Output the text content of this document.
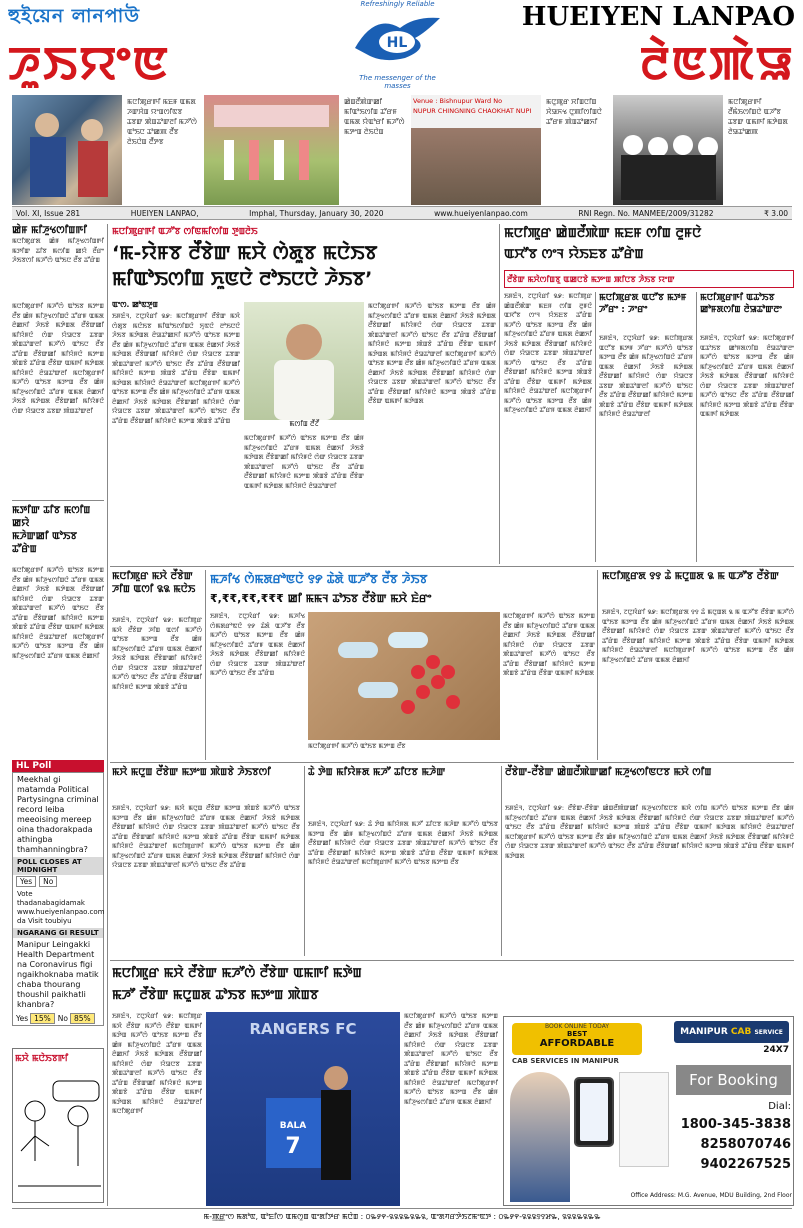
হুইয়েন লানপাউ	HUEIYEN LANPAO
ꯍꯨꯏꯌꯦꯟ	ꯂꯥꯟꯄꯥꯎ
Refreshingly Reliable
HL
The messenger of the masses
ꯃꯅꯤꯄꯨꯔꯒꯤ ꯃꯐꯝ ꯑꯃꯗ ꯍꯛꯆꯥꯡ ꯌꯦꯡꯁꯤꯟꯕ ꯊꯕꯛ ꯄꯥꯡꯊꯣꯛꯂꯤ ꯃꯍꯧꯁꯥ ꯑꯣꯏꯅ ꯊꯣꯀꯄ ꯂꯩꯕ ꯂꯥꯏꯅꯥꯡ ꯂꯩꯇꯕ
ꯀꯥꯡꯂꯩꯄꯥꯛꯀꯤ ꯃꯤꯑꯣꯏꯁꯤꯡ ꯊꯧꯔꯝ ꯑꯃꯗ ꯌꯥꯑꯣꯔꯤ ꯃꯍꯧꯁꯥ ꯃꯇꯦꯡ ꯂꯥꯏꯅꯥꯡ
Venue : Bishnupur Ward No
NUPUR CHINGNING CHAOKHAT NUPI
ꯃꯅꯨꯄꯨꯔ ꯆꯤꯡꯅꯤꯡ ꯆꯥꯎꯈꯠ ꯅꯨꯄꯤꯁꯤꯡꯅꯥ ꯊꯧꯔꯝ ꯄꯥꯡꯊꯣꯀꯈꯤ
ꯃꯅꯤꯄꯨꯔꯒꯤ ꯂꯩꯃꯥꯏꯁꯤꯡꯅꯥ ꯑꯍꯧꯕ ꯊꯕꯛ ꯑꯃꯒꯤ ꯃꯇꯥꯡꯗ ꯂꯥꯎꯊꯣꯀꯄ
Vol. XI, Issue 281	HUEIYEN LANPAO,	Imphal, Thursday, January 30, 2020	www.hueiyenlanpao.com	RNI Regn. No. MANMEE/2009/31282	₹ 3.00
ꯀꯥꯝ ꯃꯤꯍꯨꯠꯁꯤꯡꯒꯤ
ꯃꯅꯤꯄꯨꯔꯗ ꯀꯥꯝ ꯃꯤꯍꯨꯠꯁꯤꯡꯒꯤ ꯃꯇꯤꯛ ꯊꯤꯕ ꯃꯁꯤꯡ ꯀꯌꯥ ꯂꯩꯔꯦ ꯍꯥꯏꯕꯁꯤ ꯃꯍꯧꯁꯥ ꯑꯣꯏꯅ ꯂꯩꯕ ꯊꯧꯔꯥꯡ
ꯃꯅꯤꯄꯨꯔꯒꯤ ꯃꯍꯧꯁꯥ ꯑꯣꯏꯕ ꯃꯇꯦꯡ ꯂꯩꯕ ꯀꯥꯝ ꯃꯤꯍꯨꯠꯁꯤꯡꯅꯥ ꯊꯧꯔꯝ ꯑꯃꯗ ꯂꯥꯀꯈꯤ ꯍꯥꯏꯕꯥ ꯃꯇꯥꯡꯗ ꯂꯩꯕꯥꯛꯀꯤ ꯃꯤꯌꯥꯝꯅꯥ ꯁꯥꯛ ꯌꯥꯎꯅꯕ ꯊꯕꯛ ꯄꯥꯡꯊꯣꯛꯂꯤ ꯃꯍꯧꯁꯥ ꯑꯣꯏꯅ ꯂꯩꯕ ꯊꯧꯔꯥꯡ ꯂꯩꯕꯥꯛꯀꯤ ꯃꯤꯌꯥꯝꯅꯥ ꯃꯇꯦꯡ ꯄꯥꯡꯕꯥ ꯊꯧꯔꯥꯡ ꯂꯩꯕꯥꯛ ꯑꯃꯒꯤ ꯃꯇꯥꯡꯗ ꯃꯤꯌꯥꯝꯅꯥ ꯂꯥꯎꯊꯣꯛꯂꯤ ꯃꯅꯤꯄꯨꯔꯒꯤ ꯃꯍꯧꯁꯥ ꯑꯣꯏꯕ ꯃꯇꯦꯡ ꯂꯩꯕ ꯀꯥꯝ ꯃꯤꯍꯨꯠꯁꯤꯡꯅꯥ ꯊꯧꯔꯝ ꯑꯃꯗ ꯂꯥꯀꯈꯤ ꯍꯥꯏꯕꯥ ꯃꯇꯥꯡꯗ ꯂꯩꯕꯥꯛꯀꯤ ꯃꯤꯌꯥꯝꯅꯥ ꯁꯥꯛ ꯌꯥꯎꯅꯕ ꯊꯕꯛ ꯄꯥꯡꯊꯣꯛꯂꯤ
ꯃꯇꯤꯛ ꯊꯤꯕ ꯃꯁꯤꯡ ꯀꯌꯥ
ꯃꯍꯥꯛꯀꯤ ꯑꯣꯏꯕ ꯊꯧꯔꯥꯡ
ꯃꯅꯤꯄꯨꯔꯒꯤ ꯃꯍꯧꯁꯥ ꯑꯣꯏꯕ ꯃꯇꯦꯡ ꯂꯩꯕ ꯀꯥꯝ ꯃꯤꯍꯨꯠꯁꯤꯡꯅꯥ ꯊꯧꯔꯝ ꯑꯃꯗ ꯂꯥꯀꯈꯤ ꯍꯥꯏꯕꯥ ꯃꯇꯥꯡꯗ ꯂꯩꯕꯥꯛꯀꯤ ꯃꯤꯌꯥꯝꯅꯥ ꯁꯥꯛ ꯌꯥꯎꯅꯕ ꯊꯕꯛ ꯄꯥꯡꯊꯣꯛꯂꯤ ꯃꯍꯧꯁꯥ ꯑꯣꯏꯅ ꯂꯩꯕ ꯊꯧꯔꯥꯡ ꯂꯩꯕꯥꯛꯀꯤ ꯃꯤꯌꯥꯝꯅꯥ ꯃꯇꯦꯡ ꯄꯥꯡꯕꯥ ꯊꯧꯔꯥꯡ ꯂꯩꯕꯥꯛ ꯑꯃꯒꯤ ꯃꯇꯥꯡꯗ ꯃꯤꯌꯥꯝꯅꯥ ꯂꯥꯎꯊꯣꯛꯂꯤ ꯃꯅꯤꯄꯨꯔꯒꯤ ꯃꯍꯧꯁꯥ ꯑꯣꯏꯕ ꯃꯇꯦꯡ ꯂꯩꯕ ꯀꯥꯝ ꯃꯤꯍꯨꯠꯁꯤꯡꯅꯥ ꯊꯧꯔꯝ ꯑꯃꯗ ꯂꯥꯀꯈꯤ
HL Poll
Meekhal gi matamda Political Partysingna criminal record leiba meeoising mereep oina thadorakpada athingba thamhanningbra?
POLL CLOSES AT MIDNIGHT
Yes	No
Vote thadanabagidamak www.hueiyenlanpao.com da Visit toubiyu
NGARANG GI RESULT
Manipur Leingakki Health Department na Coronavirus figi ngaikhoknaba matik chaba thourang thoushil paikhatli khanbra?
Yes 15% No 85%
ꯃꯆꯥ ꯃꯅꯥꯏꯕꯒꯤ
ꯃꯅꯤꯄꯨꯔꯒꯤ ꯑꯍꯧꯕ ꯁꯤꯟꯃꯤꯁꯤꯡ ꯇꯨꯡꯂꯥꯏ
‘ꯃ-ꯌꯥꯝꯕ ꯂꯩꯕꯥꯛ ꯃꯆꯥ ꯁꯥꯗꯨꯕ ꯃꯅꯥꯏꯕ
ꯃꯤꯑꯣꯏꯁꯤꯡ ꯈꯨꯟꯅꯥ ꯂꯣꯏꯅꯅꯥ ꯍꯥꯏꯕ’
ꯑꯦꯁ. ꯀꯣꯟꯇꯨꯡ
ꯏꯝꯐꯥꯜ, ꯖꯅꯨꯋꯥꯔꯤ ꯲꯹: ꯃꯅꯤꯄꯨꯔꯒꯤ ꯂꯩꯕꯥꯛ ꯃꯆꯥ ꯁꯥꯗꯨꯕ ꯃꯅꯥꯏꯕ ꯃꯤꯑꯣꯏꯁꯤꯡꯅꯥ ꯈꯨꯟꯅꯥ ꯂꯣꯏꯅꯅꯥ ꯍꯥꯏꯕ ꯃꯇꯥꯡꯗ ꯂꯥꯎꯊꯣꯀꯈꯤ ꯃꯍꯧꯁꯥ ꯑꯣꯏꯕ ꯃꯇꯦꯡ ꯂꯩꯕ ꯀꯥꯝ ꯃꯤꯍꯨꯠꯁꯤꯡꯅꯥ ꯊꯧꯔꯝ ꯑꯃꯗ ꯂꯥꯀꯈꯤ ꯍꯥꯏꯕꯥ ꯃꯇꯥꯡꯗ ꯂꯩꯕꯥꯛꯀꯤ ꯃꯤꯌꯥꯝꯅꯥ ꯁꯥꯛ ꯌꯥꯎꯅꯕ ꯊꯕꯛ ꯄꯥꯡꯊꯣꯛꯂꯤ ꯃꯍꯧꯁꯥ ꯑꯣꯏꯅ ꯂꯩꯕ ꯊꯧꯔꯥꯡ ꯂꯩꯕꯥꯛꯀꯤ ꯃꯤꯌꯥꯝꯅꯥ ꯃꯇꯦꯡ ꯄꯥꯡꯕꯥ ꯊꯧꯔꯥꯡ ꯂꯩꯕꯥꯛ ꯑꯃꯒꯤ ꯃꯇꯥꯡꯗ ꯃꯤꯌꯥꯝꯅꯥ ꯂꯥꯎꯊꯣꯛꯂꯤ ꯃꯅꯤꯄꯨꯔꯒꯤ ꯃꯍꯧꯁꯥ ꯑꯣꯏꯕ ꯃꯇꯦꯡ ꯂꯩꯕ ꯀꯥꯝ ꯃꯤꯍꯨꯠꯁꯤꯡꯅꯥ ꯊꯧꯔꯝ ꯑꯃꯗ ꯂꯥꯀꯈꯤ ꯍꯥꯏꯕꯥ ꯃꯇꯥꯡꯗ ꯂꯩꯕꯥꯛꯀꯤ ꯃꯤꯌꯥꯝꯅꯥ ꯁꯥꯛ ꯌꯥꯎꯅꯕ ꯊꯕꯛ ꯄꯥꯡꯊꯣꯛꯂꯤ ꯃꯍꯧꯁꯥ ꯑꯣꯏꯅ ꯂꯩꯕ ꯊꯧꯔꯥꯡ ꯂꯩꯕꯥꯛꯀꯤ ꯃꯤꯌꯥꯝꯅꯥ ꯃꯇꯦꯡ ꯄꯥꯡꯕꯥ ꯊꯧꯔꯥꯡ	ꯃꯁꯤꯡ ꯂꯩꯖꯩ
ꯃꯅꯤꯄꯨꯔꯒꯤ ꯃꯍꯧꯁꯥ ꯑꯣꯏꯕ ꯃꯇꯦꯡ ꯂꯩꯕ ꯀꯥꯝ ꯃꯤꯍꯨꯠꯁꯤꯡꯅꯥ ꯊꯧꯔꯝ ꯑꯃꯗ ꯂꯥꯀꯈꯤ ꯍꯥꯏꯕꯥ ꯃꯇꯥꯡꯗ ꯂꯩꯕꯥꯛꯀꯤ ꯃꯤꯌꯥꯝꯅꯥ ꯁꯥꯛ ꯌꯥꯎꯅꯕ ꯊꯕꯛ ꯄꯥꯡꯊꯣꯛꯂꯤ ꯃꯍꯧꯁꯥ ꯑꯣꯏꯅ ꯂꯩꯕ ꯊꯧꯔꯥꯡ ꯂꯩꯕꯥꯛꯀꯤ ꯃꯤꯌꯥꯝꯅꯥ ꯃꯇꯦꯡ ꯄꯥꯡꯕꯥ ꯊꯧꯔꯥꯡ ꯂꯩꯕꯥꯛ ꯑꯃꯒꯤ ꯃꯇꯥꯡꯗ ꯃꯤꯌꯥꯝꯅꯥ ꯂꯥꯎꯊꯣꯛꯂꯤ
ꯃꯅꯤꯄꯨꯔꯒꯤ ꯃꯍꯧꯁꯥ ꯑꯣꯏꯕ ꯃꯇꯦꯡ ꯂꯩꯕ ꯀꯥꯝ ꯃꯤꯍꯨꯠꯁꯤꯡꯅꯥ ꯊꯧꯔꯝ ꯑꯃꯗ ꯂꯥꯀꯈꯤ ꯍꯥꯏꯕꯥ ꯃꯇꯥꯡꯗ ꯂꯩꯕꯥꯛꯀꯤ ꯃꯤꯌꯥꯝꯅꯥ ꯁꯥꯛ ꯌꯥꯎꯅꯕ ꯊꯕꯛ ꯄꯥꯡꯊꯣꯛꯂꯤ ꯃꯍꯧꯁꯥ ꯑꯣꯏꯅ ꯂꯩꯕ ꯊꯧꯔꯥꯡ ꯂꯩꯕꯥꯛꯀꯤ ꯃꯤꯌꯥꯝꯅꯥ ꯃꯇꯦꯡ ꯄꯥꯡꯕꯥ ꯊꯧꯔꯥꯡ ꯂꯩꯕꯥꯛ ꯑꯃꯒꯤ ꯃꯇꯥꯡꯗ ꯃꯤꯌꯥꯝꯅꯥ ꯂꯥꯎꯊꯣꯛꯂꯤ ꯃꯅꯤꯄꯨꯔꯒꯤ ꯃꯍꯧꯁꯥ ꯑꯣꯏꯕ ꯃꯇꯦꯡ ꯂꯩꯕ ꯀꯥꯝ ꯃꯤꯍꯨꯠꯁꯤꯡꯅꯥ ꯊꯧꯔꯝ ꯑꯃꯗ ꯂꯥꯀꯈꯤ ꯍꯥꯏꯕꯥ ꯃꯇꯥꯡꯗ ꯂꯩꯕꯥꯛꯀꯤ ꯃꯤꯌꯥꯝꯅꯥ ꯁꯥꯛ ꯌꯥꯎꯅꯕ ꯊꯕꯛ ꯄꯥꯡꯊꯣꯛꯂꯤ ꯃꯍꯧꯁꯥ ꯑꯣꯏꯅ ꯂꯩꯕ ꯊꯧꯔꯥꯡ ꯂꯩꯕꯥꯛꯀꯤ ꯃꯤꯌꯥꯝꯅꯥ ꯃꯇꯦꯡ ꯄꯥꯡꯕꯥ ꯊꯧꯔꯥꯡ ꯂꯩꯕꯥꯛ ꯑꯃꯒꯤ ꯃꯇꯥꯡꯗ
ꯃꯅꯤꯄꯨꯔ ꯀꯥꯡꯂꯩꯄꯥꯛ ꯃꯐꯝ ꯁꯤꯡ ꯂꯨꯝꯅꯥ
ꯑꯆꯧꯕ ꯁꯦꯜ ꯌꯥꯏꯐꯕ ꯊꯧꯔꯥꯡ
ꯂꯩꯕꯥꯛ ꯃꯆꯥꯁꯤꯡꯕꯨ ꯑꯀꯅꯕꯥ ꯃꯇꯦꯡ ꯄꯤꯅꯕ ꯍꯥꯏꯕ ꯌꯦꯛ
ꯏꯝꯐꯥꯜ, ꯖꯅꯨꯋꯥꯔꯤ ꯲꯹: ꯃꯅꯤꯄꯨꯔ ꯀꯥꯡꯂꯩꯄꯥꯛ ꯃꯐꯝ ꯁꯤꯡ ꯂꯨꯝꯅꯥ ꯑꯆꯧꯕ ꯁꯦꯜ ꯌꯥꯏꯐꯕ ꯊꯧꯔꯥꯡ ꯃꯍꯧꯁꯥ ꯑꯣꯏꯕ ꯃꯇꯦꯡ ꯂꯩꯕ ꯀꯥꯝ ꯃꯤꯍꯨꯠꯁꯤꯡꯅꯥ ꯊꯧꯔꯝ ꯑꯃꯗ ꯂꯥꯀꯈꯤ ꯍꯥꯏꯕꯥ ꯃꯇꯥꯡꯗ ꯂꯩꯕꯥꯛꯀꯤ ꯃꯤꯌꯥꯝꯅꯥ ꯁꯥꯛ ꯌꯥꯎꯅꯕ ꯊꯕꯛ ꯄꯥꯡꯊꯣꯛꯂꯤ ꯃꯍꯧꯁꯥ ꯑꯣꯏꯅ ꯂꯩꯕ ꯊꯧꯔꯥꯡ ꯂꯩꯕꯥꯛꯀꯤ ꯃꯤꯌꯥꯝꯅꯥ ꯃꯇꯦꯡ ꯄꯥꯡꯕꯥ ꯊꯧꯔꯥꯡ ꯂꯩꯕꯥꯛ ꯑꯃꯒꯤ ꯃꯇꯥꯡꯗ ꯃꯤꯌꯥꯝꯅꯥ ꯂꯥꯎꯊꯣꯛꯂꯤ ꯃꯅꯤꯄꯨꯔꯒꯤ ꯃꯍꯧꯁꯥ ꯑꯣꯏꯕ ꯃꯇꯦꯡ ꯂꯩꯕ ꯀꯥꯝ ꯃꯤꯍꯨꯠꯁꯤꯡꯅꯥ ꯊꯧꯔꯝ ꯑꯃꯗ ꯂꯥꯀꯈꯤ
ꯃꯅꯤꯄꯨꯔꯗ ꯑꯅꯧꯕ ꯃꯇꯝ ꯍꯧꯔꯦ : ꯍꯦꯔꯦ
ꯏꯝꯐꯥꯜ, ꯖꯅꯨꯋꯥꯔꯤ ꯲꯹: ꯃꯅꯤꯄꯨꯔꯗ ꯑꯅꯧꯕ ꯃꯇꯝ ꯍꯧꯔꯦ ꯃꯍꯧꯁꯥ ꯑꯣꯏꯕ ꯃꯇꯦꯡ ꯂꯩꯕ ꯀꯥꯝ ꯃꯤꯍꯨꯠꯁꯤꯡꯅꯥ ꯊꯧꯔꯝ ꯑꯃꯗ ꯂꯥꯀꯈꯤ ꯍꯥꯏꯕꯥ ꯃꯇꯥꯡꯗ ꯂꯩꯕꯥꯛꯀꯤ ꯃꯤꯌꯥꯝꯅꯥ ꯁꯥꯛ ꯌꯥꯎꯅꯕ ꯊꯕꯛ ꯄꯥꯡꯊꯣꯛꯂꯤ ꯃꯍꯧꯁꯥ ꯑꯣꯏꯅ ꯂꯩꯕ ꯊꯧꯔꯥꯡ ꯂꯩꯕꯥꯛꯀꯤ ꯃꯤꯌꯥꯝꯅꯥ ꯃꯇꯦꯡ ꯄꯥꯡꯕꯥ ꯊꯧꯔꯥꯡ ꯂꯩꯕꯥꯛ ꯑꯃꯒꯤ ꯃꯇꯥꯡꯗ ꯃꯤꯌꯥꯝꯅꯥ ꯂꯥꯎꯊꯣꯛꯂꯤ
ꯃꯅꯤꯄꯨꯔꯒꯤ ꯑꯊꯣꯏꯕ ꯀꯣꯝꯗꯁꯤꯡ ꯂꯥꯎꯊꯣꯛꯂꯦ
ꯏꯝꯐꯥꯜ, ꯖꯅꯨꯋꯥꯔꯤ ꯲꯹: ꯃꯅꯤꯄꯨꯔꯒꯤ ꯑꯊꯣꯏꯕ ꯀꯣꯝꯗꯁꯤꯡ ꯂꯥꯎꯊꯣꯛꯂꯦ ꯃꯍꯧꯁꯥ ꯑꯣꯏꯕ ꯃꯇꯦꯡ ꯂꯩꯕ ꯀꯥꯝ ꯃꯤꯍꯨꯠꯁꯤꯡꯅꯥ ꯊꯧꯔꯝ ꯑꯃꯗ ꯂꯥꯀꯈꯤ ꯍꯥꯏꯕꯥ ꯃꯇꯥꯡꯗ ꯂꯩꯕꯥꯛꯀꯤ ꯃꯤꯌꯥꯝꯅꯥ ꯁꯥꯛ ꯌꯥꯎꯅꯕ ꯊꯕꯛ ꯄꯥꯡꯊꯣꯛꯂꯤ ꯃꯍꯧꯁꯥ ꯑꯣꯏꯅ ꯂꯩꯕ ꯊꯧꯔꯥꯡ ꯂꯩꯕꯥꯛꯀꯤ ꯃꯤꯌꯥꯝꯅꯥ ꯃꯇꯦꯡ ꯄꯥꯡꯕꯥ ꯊꯧꯔꯥꯡ ꯂꯩꯕꯥꯛ ꯑꯃꯒꯤ ꯃꯇꯥꯡꯗ
ꯃꯅꯤꯄꯨꯔ ꯃꯆꯥ ꯂꯩꯕꯥꯛ ꯍꯤꯡ ꯑꯁꯤ ꯲꯲ ꯃꯅꯥꯏ
ꯏꯝꯐꯥꯜ, ꯖꯅꯨꯋꯥꯔꯤ ꯲꯹: ꯃꯅꯤꯄꯨꯔ ꯃꯆꯥ ꯂꯩꯕꯥꯛ ꯍꯤꯡ ꯑꯁꯤ ꯃꯍꯧꯁꯥ ꯑꯣꯏꯕ ꯃꯇꯦꯡ ꯂꯩꯕ ꯀꯥꯝ ꯃꯤꯍꯨꯠꯁꯤꯡꯅꯥ ꯊꯧꯔꯝ ꯑꯃꯗ ꯂꯥꯀꯈꯤ ꯍꯥꯏꯕꯥ ꯃꯇꯥꯡꯗ ꯂꯩꯕꯥꯛꯀꯤ ꯃꯤꯌꯥꯝꯅꯥ ꯁꯥꯛ ꯌꯥꯎꯅꯕ ꯊꯕꯛ ꯄꯥꯡꯊꯣꯛꯂꯤ ꯃꯍꯧꯁꯥ ꯑꯣꯏꯅ ꯂꯩꯕ ꯊꯧꯔꯥꯡ ꯂꯩꯕꯥꯛꯀꯤ ꯃꯤꯌꯥꯝꯅꯥ ꯃꯇꯦꯡ ꯄꯥꯡꯕꯥ ꯊꯧꯔꯥꯡ
ꯃꯍꯤꯠ ꯁꯥꯃꯗꯔꯣꯟꯅꯥ ꯱꯸ ꯊꯥꯗꯥ ꯑꯍꯧꯕ ꯂꯩꯕ ꯍꯥꯏꯕ
₹,₹₹,₹₹,₹₹₹ ꯀꯤ ꯃꯃꯜ ꯊꯣꯏꯕ ꯂꯩꯕꯥꯛ ꯃꯆꯥ ꯐꯥꯔꯦ
ꯏꯝꯐꯥꯜ, ꯖꯅꯨꯋꯥꯔꯤ ꯲꯹: ꯃꯍꯤꯠ ꯁꯥꯃꯗꯔꯣꯟꯅꯥ ꯱꯸ ꯊꯥꯗꯥ ꯑꯍꯧꯕ ꯂꯩꯕ ꯃꯍꯧꯁꯥ ꯑꯣꯏꯕ ꯃꯇꯦꯡ ꯂꯩꯕ ꯀꯥꯝ ꯃꯤꯍꯨꯠꯁꯤꯡꯅꯥ ꯊꯧꯔꯝ ꯑꯃꯗ ꯂꯥꯀꯈꯤ ꯍꯥꯏꯕꯥ ꯃꯇꯥꯡꯗ ꯂꯩꯕꯥꯛꯀꯤ ꯃꯤꯌꯥꯝꯅꯥ ꯁꯥꯛ ꯌꯥꯎꯅꯕ ꯊꯕꯛ ꯄꯥꯡꯊꯣꯛꯂꯤ ꯃꯍꯧꯁꯥ ꯑꯣꯏꯅ ꯂꯩꯕ ꯊꯧꯔꯥꯡ
ꯃꯅꯤꯄꯨꯔꯒꯤ ꯃꯍꯧꯁꯥ ꯑꯣꯏꯕ ꯃꯇꯦꯡ ꯂꯩꯕ
ꯃꯅꯤꯄꯨꯔꯒꯤ ꯃꯍꯧꯁꯥ ꯑꯣꯏꯕ ꯃꯇꯦꯡ ꯂꯩꯕ ꯀꯥꯝ ꯃꯤꯍꯨꯠꯁꯤꯡꯅꯥ ꯊꯧꯔꯝ ꯑꯃꯗ ꯂꯥꯀꯈꯤ ꯍꯥꯏꯕꯥ ꯃꯇꯥꯡꯗ ꯂꯩꯕꯥꯛꯀꯤ ꯃꯤꯌꯥꯝꯅꯥ ꯁꯥꯛ ꯌꯥꯎꯅꯕ ꯊꯕꯛ ꯄꯥꯡꯊꯣꯛꯂꯤ ꯃꯍꯧꯁꯥ ꯑꯣꯏꯅ ꯂꯩꯕ ꯊꯧꯔꯥꯡ ꯂꯩꯕꯥꯛꯀꯤ ꯃꯤꯌꯥꯝꯅꯥ ꯃꯇꯦꯡ ꯄꯥꯡꯕꯥ ꯊꯧꯔꯥꯡ ꯂꯩꯕꯥꯛ ꯑꯃꯒꯤ ꯃꯇꯥꯡꯗ
ꯃꯅꯤꯄꯨꯔꯗ ꯱꯱ ꯊꯥ ꯃꯅꯨꯡꯗ ꯲ ꯃ ꯑꯍꯧꯕ ꯂꯩꯕꯥꯛ
ꯏꯝꯐꯥꯜ, ꯖꯅꯨꯋꯥꯔꯤ ꯲꯹: ꯃꯅꯤꯄꯨꯔꯗ ꯱꯱ ꯊꯥ ꯃꯅꯨꯡꯗ ꯲ ꯃ ꯑꯍꯧꯕ ꯂꯩꯕꯥꯛ ꯃꯍꯧꯁꯥ ꯑꯣꯏꯕ ꯃꯇꯦꯡ ꯂꯩꯕ ꯀꯥꯝ ꯃꯤꯍꯨꯠꯁꯤꯡꯅꯥ ꯊꯧꯔꯝ ꯑꯃꯗ ꯂꯥꯀꯈꯤ ꯍꯥꯏꯕꯥ ꯃꯇꯥꯡꯗ ꯂꯩꯕꯥꯛꯀꯤ ꯃꯤꯌꯥꯝꯅꯥ ꯁꯥꯛ ꯌꯥꯎꯅꯕ ꯊꯕꯛ ꯄꯥꯡꯊꯣꯛꯂꯤ ꯃꯍꯧꯁꯥ ꯑꯣꯏꯅ ꯂꯩꯕ ꯊꯧꯔꯥꯡ ꯂꯩꯕꯥꯛꯀꯤ ꯃꯤꯌꯥꯝꯅꯥ ꯃꯇꯦꯡ ꯄꯥꯡꯕꯥ ꯊꯧꯔꯥꯡ ꯂꯩꯕꯥꯛ ꯑꯃꯒꯤ ꯃꯇꯥꯡꯗ ꯃꯤꯌꯥꯝꯅꯥ ꯂꯥꯎꯊꯣꯛꯂꯤ ꯃꯅꯤꯄꯨꯔꯒꯤ ꯃꯍꯧꯁꯥ ꯑꯣꯏꯕ ꯃꯇꯦꯡ ꯂꯩꯕ ꯀꯥꯝ ꯃꯤꯍꯨꯠꯁꯤꯡꯅꯥ ꯊꯧꯔꯝ ꯑꯃꯗ ꯂꯥꯀꯈꯤ
ꯃꯆꯥ ꯃꯅꯨꯡ ꯂꯩꯕꯥꯛ ꯃꯇꯦꯡ ꯄꯥꯡꯕꯥ ꯍꯥꯏꯕꯁꯤ
ꯏꯝꯐꯥꯜ, ꯖꯅꯨꯋꯥꯔꯤ ꯲꯹: ꯃꯆꯥ ꯃꯅꯨꯡ ꯂꯩꯕꯥꯛ ꯃꯇꯦꯡ ꯄꯥꯡꯕꯥ ꯃꯍꯧꯁꯥ ꯑꯣꯏꯕ ꯃꯇꯦꯡ ꯂꯩꯕ ꯀꯥꯝ ꯃꯤꯍꯨꯠꯁꯤꯡꯅꯥ ꯊꯧꯔꯝ ꯑꯃꯗ ꯂꯥꯀꯈꯤ ꯍꯥꯏꯕꯥ ꯃꯇꯥꯡꯗ ꯂꯩꯕꯥꯛꯀꯤ ꯃꯤꯌꯥꯝꯅꯥ ꯁꯥꯛ ꯌꯥꯎꯅꯕ ꯊꯕꯛ ꯄꯥꯡꯊꯣꯛꯂꯤ ꯃꯍꯧꯁꯥ ꯑꯣꯏꯅ ꯂꯩꯕ ꯊꯧꯔꯥꯡ ꯂꯩꯕꯥꯛꯀꯤ ꯃꯤꯌꯥꯝꯅꯥ ꯃꯇꯦꯡ ꯄꯥꯡꯕꯥ ꯊꯧꯔꯥꯡ ꯂꯩꯕꯥꯛ ꯑꯃꯒꯤ ꯃꯇꯥꯡꯗ ꯃꯤꯌꯥꯝꯅꯥ ꯂꯥꯎꯊꯣꯛꯂꯤ ꯃꯅꯤꯄꯨꯔꯒꯤ ꯃꯍꯧꯁꯥ ꯑꯣꯏꯕ ꯃꯇꯦꯡ ꯂꯩꯕ ꯀꯥꯝ ꯃꯤꯍꯨꯠꯁꯤꯡꯅꯥ ꯊꯧꯔꯝ ꯑꯃꯗ ꯂꯥꯀꯈꯤ ꯍꯥꯏꯕꯥ ꯃꯇꯥꯡꯗ ꯂꯩꯕꯥꯛꯀꯤ ꯃꯤꯌꯥꯝꯅꯥ ꯁꯥꯛ ꯌꯥꯎꯅꯕ ꯊꯕꯛ ꯄꯥꯡꯊꯣꯛꯂꯤ ꯃꯍꯧꯁꯥ ꯑꯣꯏꯅ ꯂꯩꯕ ꯊꯧꯔꯥꯡ
ꯊꯥ ꯇꯥꯡ ꯃꯤꯌꯥꯝꯗ ꯃꯍꯧ ꯊꯤꯅꯕ ꯃꯍꯥꯛ
ꯏꯝꯐꯥꯜ, ꯖꯅꯨꯋꯥꯔꯤ ꯲꯹: ꯊꯥ ꯇꯥꯡ ꯃꯤꯌꯥꯝꯗ ꯃꯍꯧ ꯊꯤꯅꯕ ꯃꯍꯥꯛ ꯃꯍꯧꯁꯥ ꯑꯣꯏꯕ ꯃꯇꯦꯡ ꯂꯩꯕ ꯀꯥꯝ ꯃꯤꯍꯨꯠꯁꯤꯡꯅꯥ ꯊꯧꯔꯝ ꯑꯃꯗ ꯂꯥꯀꯈꯤ ꯍꯥꯏꯕꯥ ꯃꯇꯥꯡꯗ ꯂꯩꯕꯥꯛꯀꯤ ꯃꯤꯌꯥꯝꯅꯥ ꯁꯥꯛ ꯌꯥꯎꯅꯕ ꯊꯕꯛ ꯄꯥꯡꯊꯣꯛꯂꯤ ꯃꯍꯧꯁꯥ ꯑꯣꯏꯅ ꯂꯩꯕ ꯊꯧꯔꯥꯡ ꯂꯩꯕꯥꯛꯀꯤ ꯃꯤꯌꯥꯝꯅꯥ ꯃꯇꯦꯡ ꯄꯥꯡꯕꯥ ꯊꯧꯔꯥꯡ ꯂꯩꯕꯥꯛ ꯑꯃꯒꯤ ꯃꯇꯥꯡꯗ ꯃꯤꯌꯥꯝꯅꯥ ꯂꯥꯎꯊꯣꯛꯂꯤ ꯃꯅꯤꯄꯨꯔꯒꯤ ꯃꯍꯧꯁꯥ ꯑꯣꯏꯕ ꯃꯇꯦꯡ ꯂꯩꯕ
ꯂꯩꯕꯥꯛ-ꯂꯩꯕꯥꯛ ꯀꯥꯡꯂꯩꯄꯥꯛꯀꯤ ꯃꯍꯨꯠꯁꯤꯟꯅꯕ ꯃꯆꯥ ꯁꯤꯡ
ꯏꯝꯐꯥꯜ, ꯖꯅꯨꯋꯥꯔꯤ ꯲꯹: ꯂꯩꯕꯥꯛ-ꯂꯩꯕꯥꯛ ꯀꯥꯡꯂꯩꯄꯥꯛꯀꯤ ꯃꯍꯨꯠꯁꯤꯟꯅꯕ ꯃꯆꯥ ꯁꯤꯡ ꯃꯍꯧꯁꯥ ꯑꯣꯏꯕ ꯃꯇꯦꯡ ꯂꯩꯕ ꯀꯥꯝ ꯃꯤꯍꯨꯠꯁꯤꯡꯅꯥ ꯊꯧꯔꯝ ꯑꯃꯗ ꯂꯥꯀꯈꯤ ꯍꯥꯏꯕꯥ ꯃꯇꯥꯡꯗ ꯂꯩꯕꯥꯛꯀꯤ ꯃꯤꯌꯥꯝꯅꯥ ꯁꯥꯛ ꯌꯥꯎꯅꯕ ꯊꯕꯛ ꯄꯥꯡꯊꯣꯛꯂꯤ ꯃꯍꯧꯁꯥ ꯑꯣꯏꯅ ꯂꯩꯕ ꯊꯧꯔꯥꯡ ꯂꯩꯕꯥꯛꯀꯤ ꯃꯤꯌꯥꯝꯅꯥ ꯃꯇꯦꯡ ꯄꯥꯡꯕꯥ ꯊꯧꯔꯥꯡ ꯂꯩꯕꯥꯛ ꯑꯃꯒꯤ ꯃꯇꯥꯡꯗ ꯃꯤꯌꯥꯝꯅꯥ ꯂꯥꯎꯊꯣꯛꯂꯤ ꯃꯅꯤꯄꯨꯔꯒꯤ ꯃꯍꯧꯁꯥ ꯑꯣꯏꯕ ꯃꯇꯦꯡ ꯂꯩꯕ ꯀꯥꯝ ꯃꯤꯍꯨꯠꯁꯤꯡꯅꯥ ꯊꯧꯔꯝ ꯑꯃꯗ ꯂꯥꯀꯈꯤ ꯍꯥꯏꯕꯥ ꯃꯇꯥꯡꯗ ꯂꯩꯕꯥꯛꯀꯤ ꯃꯤꯌꯥꯝꯅꯥ ꯁꯥꯛ ꯌꯥꯎꯅꯕ ꯊꯕꯛ ꯄꯥꯡꯊꯣꯛꯂꯤ ꯃꯍꯧꯁꯥ ꯑꯣꯏꯅ ꯂꯩꯕ ꯊꯧꯔꯥꯡ ꯂꯩꯕꯥꯛꯀꯤ ꯃꯤꯌꯥꯝꯅꯥ ꯃꯇꯦꯡ ꯄꯥꯡꯕꯥ ꯊꯧꯔꯥꯡ ꯂꯩꯕꯥꯛ ꯑꯃꯒꯤ ꯃꯇꯥꯡꯗ
ꯃꯅꯤꯄꯨꯔ ꯃꯆꯥ ꯂꯩꯕꯥꯛ ꯃꯍꯧꯁꯥ ꯂꯩꯕꯥꯛ ꯑꯃꯒꯤ ꯃꯇꯥꯡ
ꯃꯍꯧ ꯂꯩꯕꯥꯛ ꯃꯅꯨꯡꯗ ꯊꯣꯏꯕ ꯃꯇꯦꯡ ꯄꯥꯡꯕ
ꯏꯝꯐꯥꯜ, ꯖꯅꯨꯋꯥꯔꯤ ꯲꯹: ꯃꯅꯤꯄꯨꯔ ꯃꯆꯥ ꯂꯩꯕꯥꯛ ꯃꯍꯧꯁꯥ ꯂꯩꯕꯥꯛ ꯑꯃꯒꯤ ꯃꯇꯥꯡ ꯃꯍꯧꯁꯥ ꯑꯣꯏꯕ ꯃꯇꯦꯡ ꯂꯩꯕ ꯀꯥꯝ ꯃꯤꯍꯨꯠꯁꯤꯡꯅꯥ ꯊꯧꯔꯝ ꯑꯃꯗ ꯂꯥꯀꯈꯤ ꯍꯥꯏꯕꯥ ꯃꯇꯥꯡꯗ ꯂꯩꯕꯥꯛꯀꯤ ꯃꯤꯌꯥꯝꯅꯥ ꯁꯥꯛ ꯌꯥꯎꯅꯕ ꯊꯕꯛ ꯄꯥꯡꯊꯣꯛꯂꯤ ꯃꯍꯧꯁꯥ ꯑꯣꯏꯅ ꯂꯩꯕ ꯊꯧꯔꯥꯡ ꯂꯩꯕꯥꯛꯀꯤ ꯃꯤꯌꯥꯝꯅꯥ ꯃꯇꯦꯡ ꯄꯥꯡꯕꯥ ꯊꯧꯔꯥꯡ ꯂꯩꯕꯥꯛ ꯑꯃꯒꯤ ꯃꯇꯥꯡꯗ ꯃꯤꯌꯥꯝꯅꯥ ꯂꯥꯎꯊꯣꯛꯂꯤ ꯃꯅꯤꯄꯨꯔꯒꯤ
RANGERS FC
BALA
7
ꯃꯅꯤꯄꯨꯔꯒꯤ ꯃꯍꯧꯁꯥ ꯑꯣꯏꯕ ꯃꯇꯦꯡ ꯂꯩꯕ ꯀꯥꯝ ꯃꯤꯍꯨꯠꯁꯤꯡꯅꯥ ꯊꯧꯔꯝ ꯑꯃꯗ ꯂꯥꯀꯈꯤ ꯍꯥꯏꯕꯥ ꯃꯇꯥꯡꯗ ꯂꯩꯕꯥꯛꯀꯤ ꯃꯤꯌꯥꯝꯅꯥ ꯁꯥꯛ ꯌꯥꯎꯅꯕ ꯊꯕꯛ ꯄꯥꯡꯊꯣꯛꯂꯤ ꯃꯍꯧꯁꯥ ꯑꯣꯏꯅ ꯂꯩꯕ ꯊꯧꯔꯥꯡ ꯂꯩꯕꯥꯛꯀꯤ ꯃꯤꯌꯥꯝꯅꯥ ꯃꯇꯦꯡ ꯄꯥꯡꯕꯥ ꯊꯧꯔꯥꯡ ꯂꯩꯕꯥꯛ ꯑꯃꯒꯤ ꯃꯇꯥꯡꯗ ꯃꯤꯌꯥꯝꯅꯥ ꯂꯥꯎꯊꯣꯛꯂꯤ ꯃꯅꯤꯄꯨꯔꯒꯤ ꯃꯍꯧꯁꯥ ꯑꯣꯏꯕ ꯃꯇꯦꯡ ꯂꯩꯕ ꯀꯥꯝ ꯃꯤꯍꯨꯠꯁꯤꯡꯅꯥ ꯊꯧꯔꯝ ꯑꯃꯗ ꯂꯥꯀꯈꯤ
BOOK ONLINE TODAY
BEST
AFFORDABLE
CAB SERVICES IN MANIPUR
MANIPUR CAB SERVICE
24X7
For Booking
Dial:
1800-345-3838
8258070746
9402267525
Office Address: M.G. Avenue, MDU Building, 2nd Floor
ꯃ-ꯄ꯭ꯔꯦꯁ ꯃꯗꯣꯟ, ꯑꯣꯐꯤꯁ ꯑꯃꯁꯨꯡ ꯑꯦꯗꯤꯇꯔ ꯃꯅꯥꯡ : ꯰꯳꯸꯵-꯲꯲꯲꯳꯲꯳꯲, ꯑꯦꯗꯚꯔꯇꯥꯏꯖꯃꯦꯟꯇ : ꯰꯳꯸꯵-꯲꯲꯲꯱꯱꯷꯳, ꯲꯲꯲꯳꯲꯳꯳
